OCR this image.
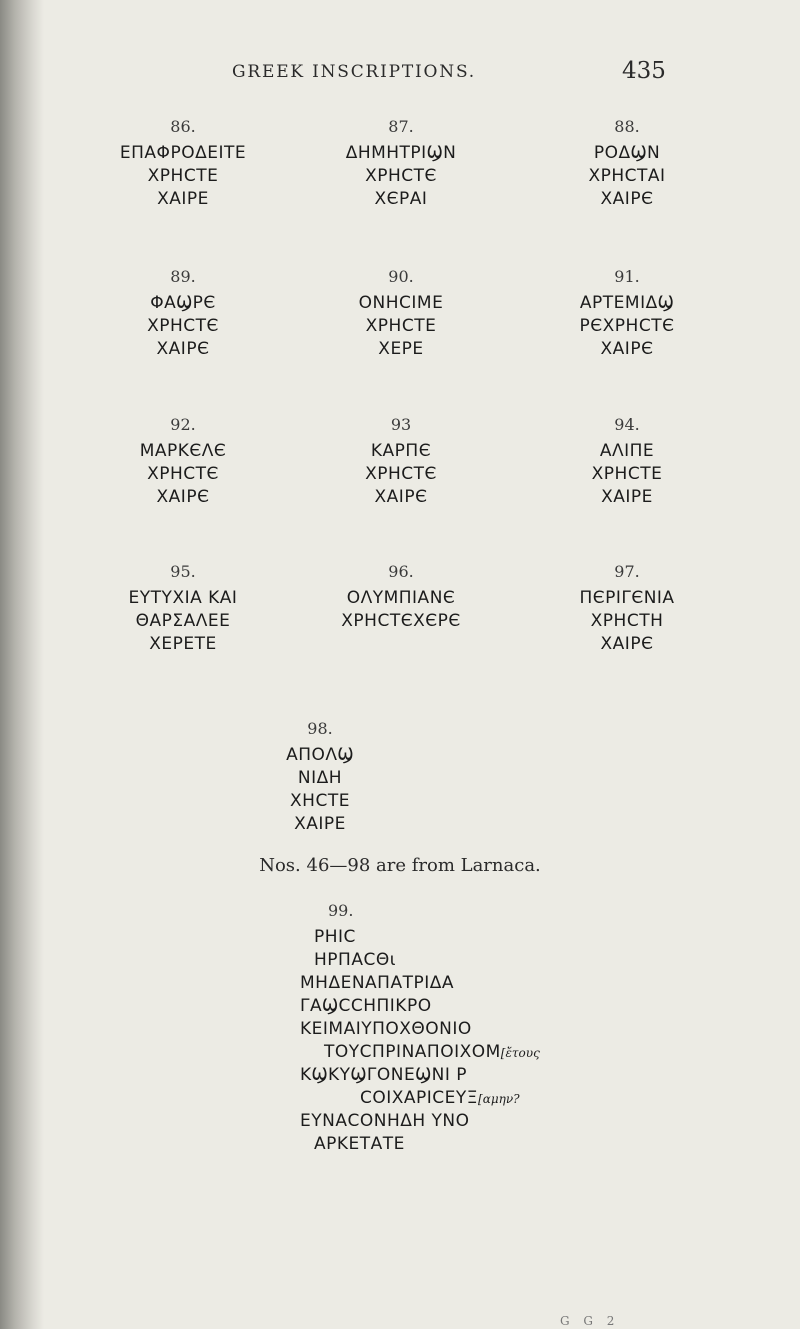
GREEK INSCRIPTIONS.	435
86.
ΕΠΑΦΡΟΔΕΙΤΕ
ΧΡΗϹΤΕ
ΧΑΙΡΕ
87.
ΔΗΜΗΤΡΙϢΝ
ΧΡΗϹΤЄ
ΧЄΡΑΙ
88.
ΡΟΔϢΝ
ΧΡΗϹΤΑΙ
ΧΑΙΡЄ
89.
ΦΑϢΡЄ
ΧΡΗϹΤЄ
ΧΑΙΡЄ
90.
ΟΝΗϹΙΜΕ
ΧΡΗϹΤΕ
ΧΕΡΕ
91.
ΑΡΤΕΜΙΔϢ
ΡЄΧΡΗϹΤЄ
ΧΑΙΡЄ
92.
ΜΑΡΚЄΛЄ
ΧΡΗϹΤЄ
ΧΑΙΡЄ
93
ΚΑΡΠЄ
ΧΡΗϹΤЄ
ΧΑΙΡЄ
94.
ΑΛΙΠΕ
ΧΡΗϹΤΕ
ΧΑΙΡΕ
95.
ΕΥΤΥΧΙΑ ΚΑΙ
ΘΑΡΣΑΛΕΕ
ΧΕΡΕΤΕ
96.
ΟΛΥΜΠΙΑΝЄ
ΧΡΗϹΤЄΧЄΡЄ
97.
ΠЄΡΙΓЄΝΙΑ
ΧΡΗϹΤΗ
ΧΑΙΡЄ
98.
ΑΠΟΛϢ
ΝΙΔΗ
ΧΗϹΤΕ
ΧΑΙΡΕ
Nos. 46—98 are from Larnaca.
99.
ΡΗΙϹ
ΗΡΠΑϹΘι
ΜΗΔΕΝΑΠΑΤΡΙΔΑ
ΓΑϢϹϹΗΠΙΚΡΟ
ΚΕΙΜΑΙΥΠΟΧΘΟΝΙΟ
ΤΟΥϹΠΡΙΝΑΠΟΙΧΟΜ[ἔτους
ΚϢΚΥϢΓΟΝΕϢΝΙ Ρ
ϹΟΙΧΑΡΙϹΕΥΞ[αμην?
ΕΥΝΑϹΟΝΗΔΗ ΥΝΟ
ΑΡΚΕΤΑΤΕ
G G 2
